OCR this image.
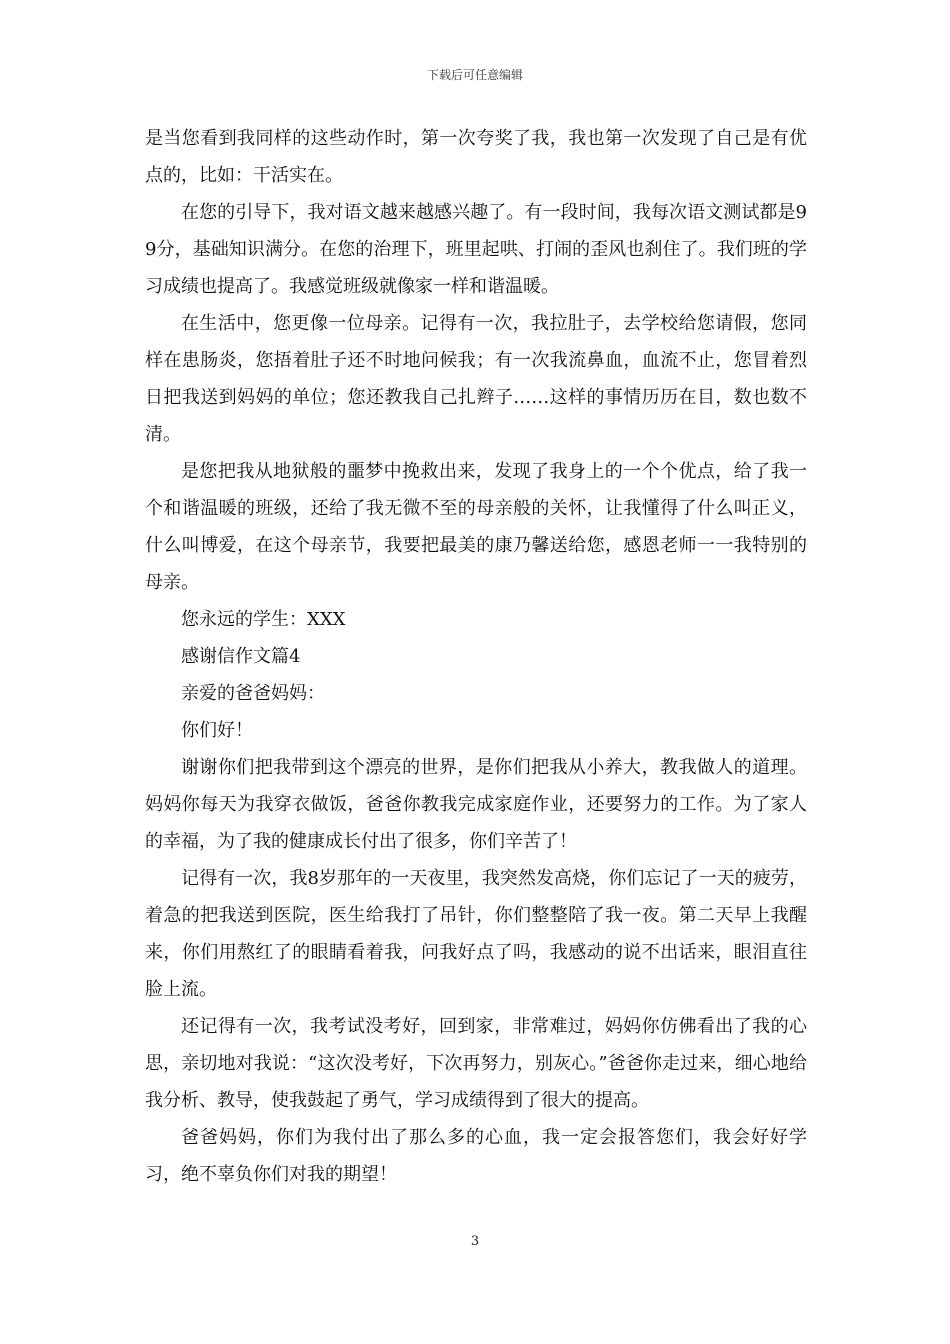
下载后可任意编辑

是当您看到我同样的这些动作时，第一次夸奖了我，我也第一次发现了自己是有优点的，比如：干活实在。

在您的引导下，我对语文越来越感兴趣了。有一段时间，我每次语文测试都是99分，基础知识满分。在您的治理下，班里起哄、打闹的歪风也刹住了。我们班的学习成绩也提高了。我感觉班级就像家一样和谐温暖。

在生活中，您更像一位母亲。记得有一次，我拉肚子，去学校给您请假，您同样在患肠炎，您捂着肚子还不时地问候我；有一次我流鼻血，血流不止，您冒着烈日把我送到妈妈的单位；您还教我自己扎辫子……这样的事情历历在目，数也数不清。

是您把我从地狱般的噩梦中挽救出来，发现了我身上的一个个优点，给了我一个和谐温暖的班级，还给了我无微不至的母亲般的关怀，让我懂得了什么叫正义，什么叫博爱，在这个母亲节，我要把最美的康乃馨送给您，感恩老师一一我特别的母亲。

您永远的学生：XXX

感谢信作文篇4

亲爱的爸爸妈妈：

你们好！

谢谢你们把我带到这个漂亮的世界，是你们把我从小养大，教我做人的道理。妈妈你每天为我穿衣做饭，爸爸你教我完成家庭作业，还要努力的工作。为了家人的幸福，为了我的健康成长付出了很多，你们辛苦了！

记得有一次，我8岁那年的一天夜里，我突然发高烧，你们忘记了一天的疲劳，着急的把我送到医院，医生给我打了吊针，你们整整陪了我一夜。第二天早上我醒来，你们用熬红了的眼睛看着我，问我好点了吗，我感动的说不出话来，眼泪直往脸上流。

还记得有一次，我考试没考好，回到家，非常难过，妈妈你仿佛看出了我的心思，亲切地对我说：“这次没考好，下次再努力，别灰心。”爸爸你走过来，细心地给我分析、教导，使我鼓起了勇气，学习成绩得到了很大的提高。

爸爸妈妈，你们为我付出了那么多的心血，我一定会报答您们，我会好好学习，绝不辜负你们对我的期望！

3
